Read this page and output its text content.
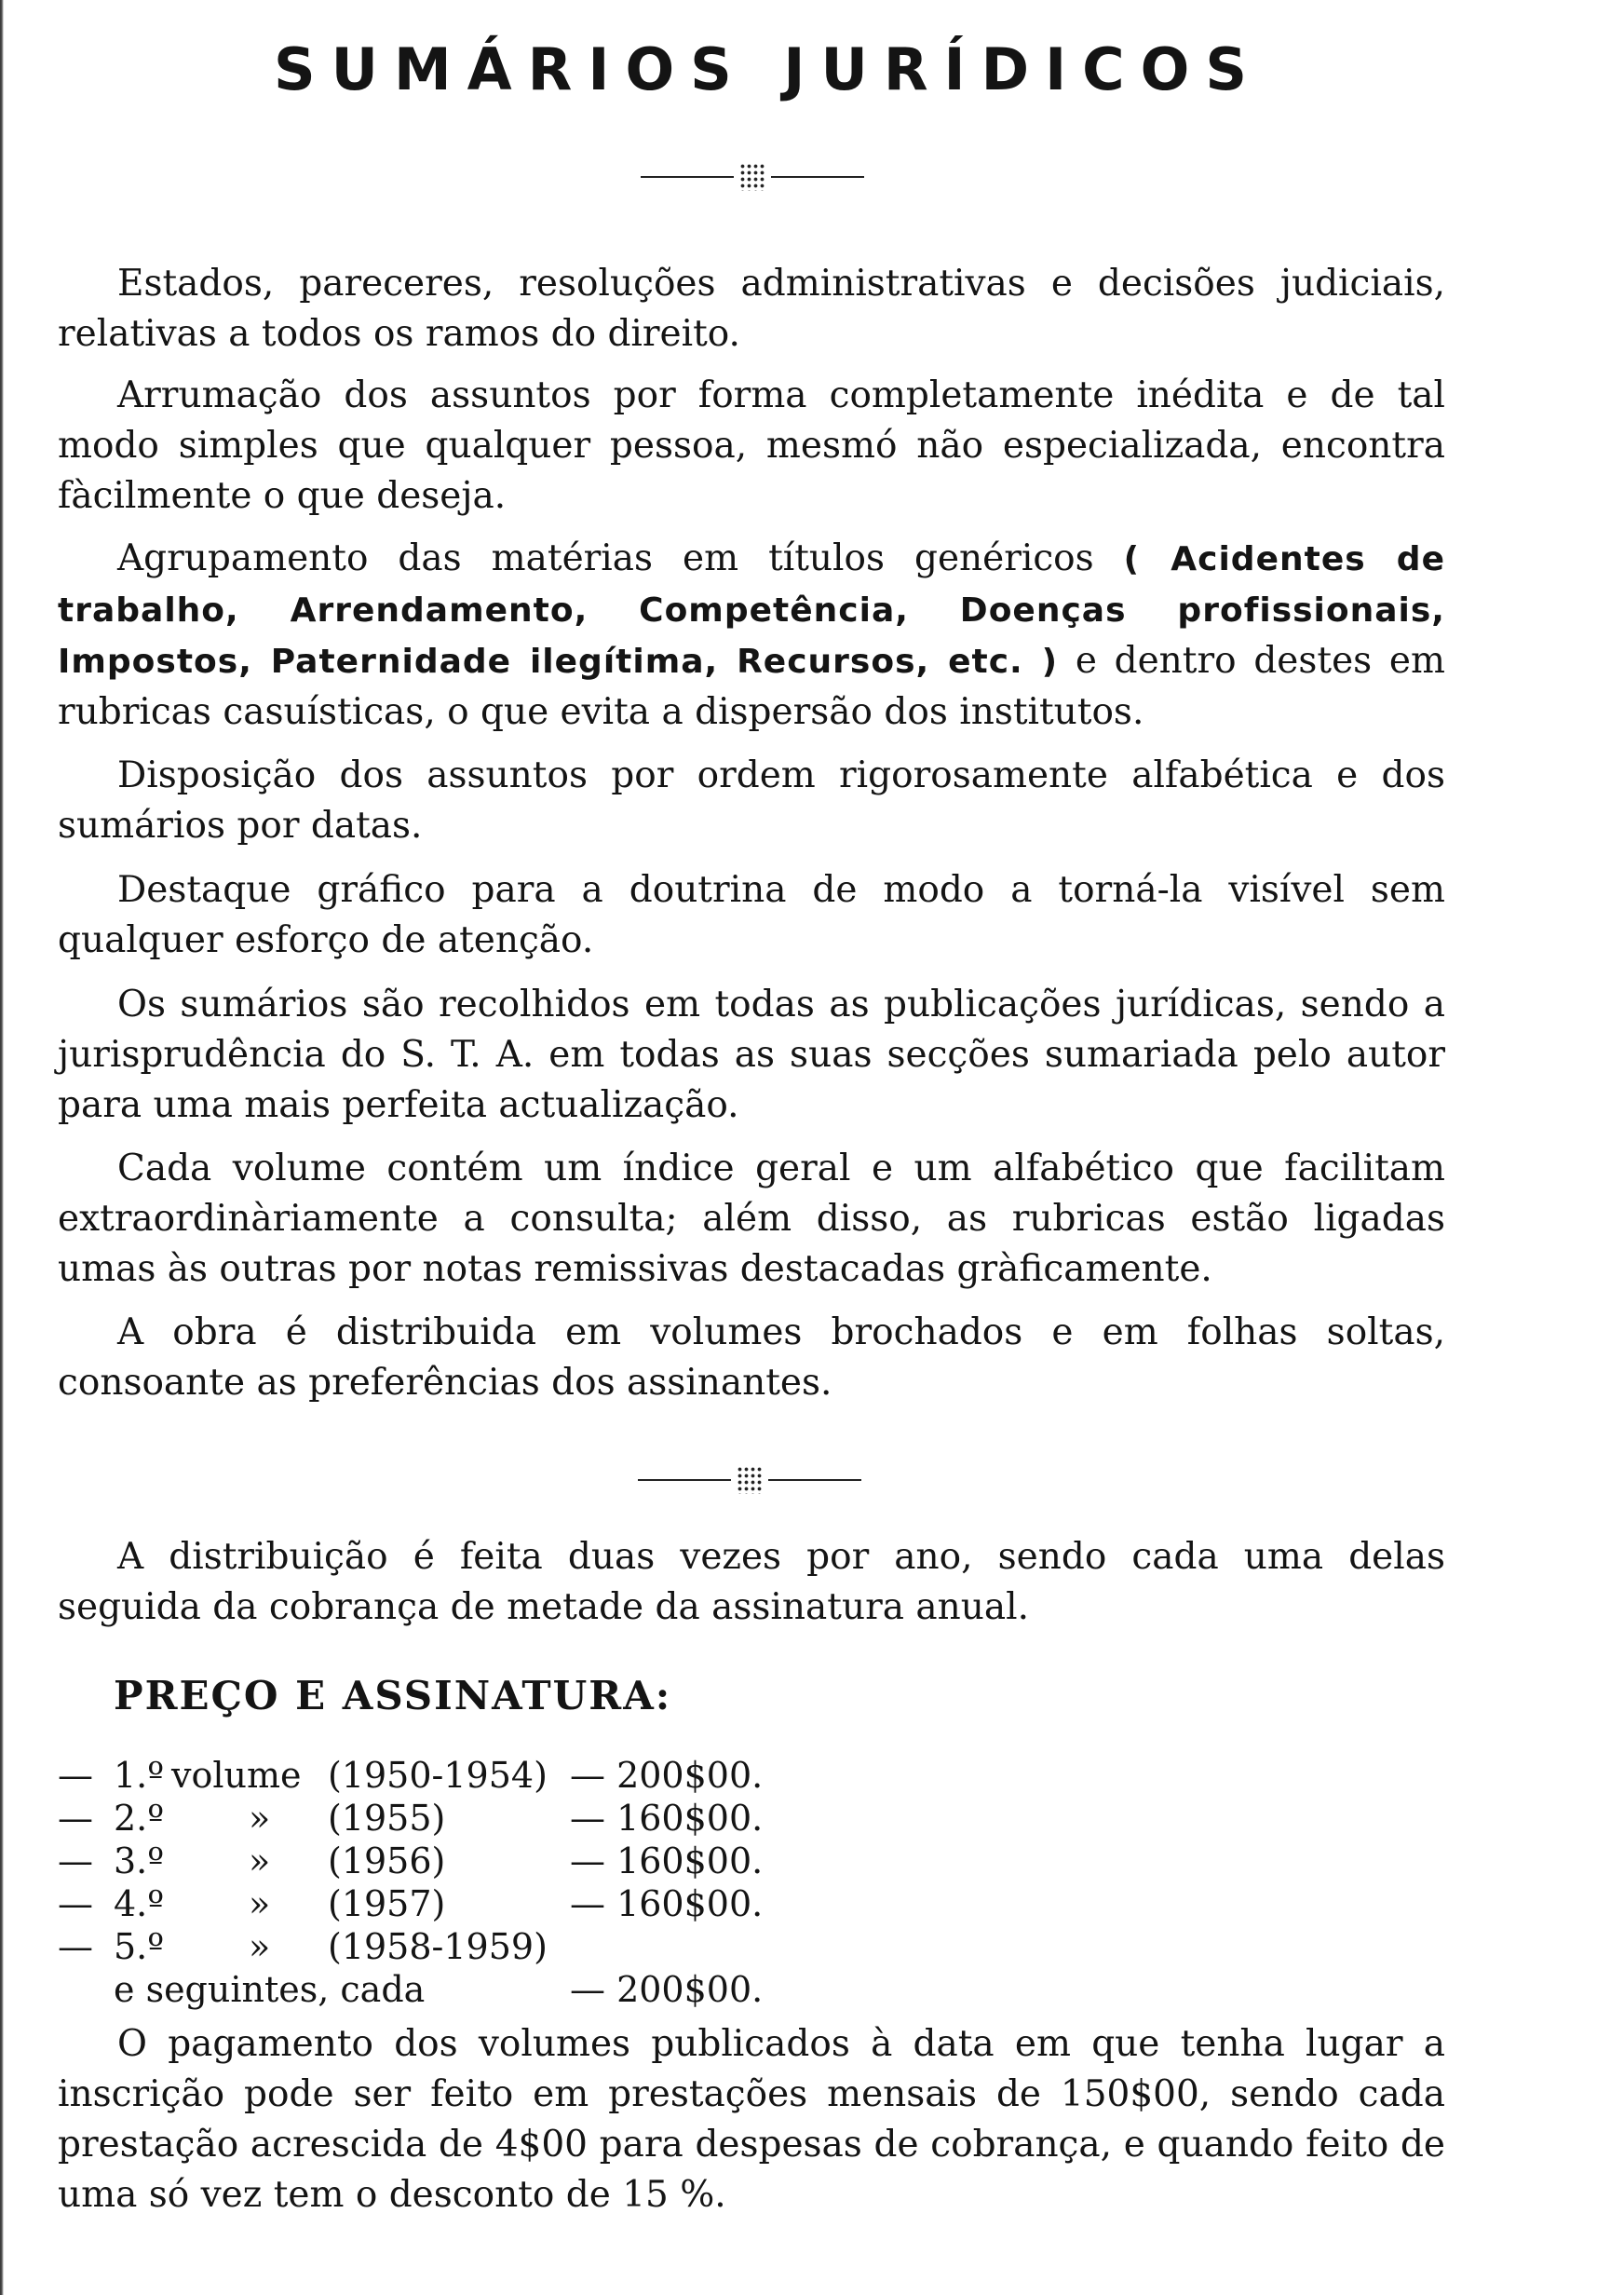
SUMÁRIOS JURÍDICOS

Estados, pareceres, resoluções administrativas e decisões judiciais, relativas a todos os ramos do direito.

Arrumação dos assuntos por forma completamente inédita e de tal modo simples que qualquer pessoa, mesmó não especializada, encontra fàcilmente o que deseja.

Agrupamento das matérias em títulos genéricos ( Acidentes de trabalho, Arrendamento, Competência, Doenças profissionais, Impostos, Paternidade ilegítima, Recursos, etc. ) e dentro destes em rubricas casuísticas, o que evita a dispersão dos institutos.

Disposição dos assuntos por ordem rigorosamente alfabética e dos sumários por datas.

Destaque gráfico para a doutrina de modo a torná-la visível sem qualquer esforço de atenção.

Os sumários são recolhidos em todas as publicações jurídicas, sendo a jurisprudência do S. T. A. em todas as suas secções sumariada pelo autor para uma mais perfeita actualização.

Cada volume contém um índice geral e um alfabético que facilitam extraordinàriamente a consulta; além disso, as rubricas estão ligadas umas às outras por notas remissivas destacadas gràficamente.

A obra é distribuida em volumes brochados e em folhas soltas, consoante as preferências dos assinantes.

A distribuição é feita duas vezes por ano, sendo cada uma delas seguida da cobrança de metade da assinatura anual.

PREÇO E ASSINATURA:
— 1.º volume (1950-1954) — 200$00.
— 2.º » (1955)	— 160$00.
— 3.º » (1956)	— 160$00.
— 4.º » (1957)	— 160$00.
— 5.º » (1958-1959)
e seguintes, cada	— 200$00.

O pagamento dos volumes publicados à data em que tenha lugar a inscrição pode ser feito em prestações mensais de 150$00, sendo cada prestação acrescida de 4$00 para despesas de cobrança, e quando feito de uma só vez tem o desconto de 15 %.
